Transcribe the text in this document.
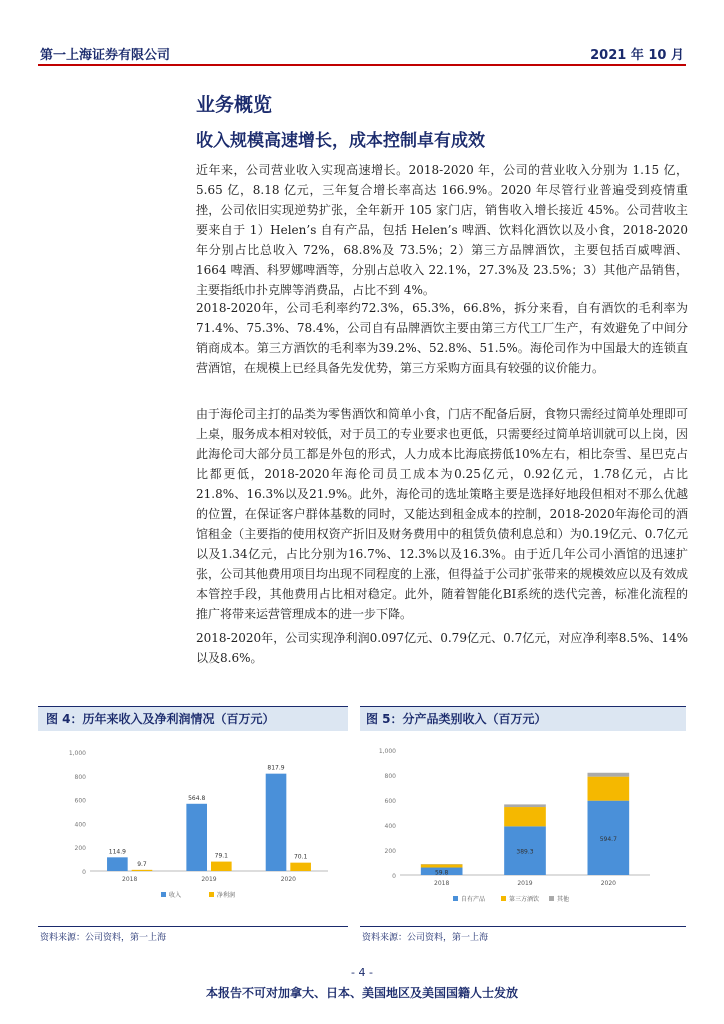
第一上海证券有限公司	2021 年 10 月
业务概览
收入规模高速增长，成本控制卓有成效
近年来，公司营业收入实现高速增长。2018-2020 年，公司的营业收入分别为 1.15 亿，5.65 亿，8.18 亿元，三年复合增长率高达 166.9%。2020 年尽管行业普遍受到疫情重挫，公司依旧实现逆势扩张，全年新开 105 家门店，销售收入增长接近 45%。公司营收主要来自于 1）Helen’s 自有产品，包括 Helen’s 啤酒、饮料化酒饮以及小食，2018-2020 年分别占比总收入 72%，68.8%及 73.5%；2）第三方品牌酒饮，主要包括百威啤酒、1664 啤酒、科罗娜啤酒等，分别占总收入 22.1%，27.3%及 23.5%；3）其他产品销售，主要指纸巾扑克牌等消费品，占比不到 4%。
2018-2020年，公司毛利率约72.3%，65.3%，66.8%，拆分来看，自有酒饮的毛利率为71.4%、75.3%、78.4%，公司自有品牌酒饮主要由第三方代工厂生产，有效避免了中间分销商成本。第三方酒饮的毛利率为39.2%、52.8%、51.5%。海伦司作为中国最大的连锁直营酒馆，在规模上已经具备先发优势，第三方采购方面具有较强的议价能力。
由于海伦司主打的品类为零售酒饮和简单小食，门店不配备后厨，食物只需经过简单处理即可上桌，服务成本相对较低，对于员工的专业要求也更低，只需要经过简单培训就可以上岗，因此海伦司大部分员工都是外包的形式，人力成本比海底捞低10%左右，相比奈雪、星巴克占比都更低，2018-2020年海伦司员工成本为0.25亿元，0.92亿元，1.78亿元，占比21.8%、16.3%以及21.9%。此外，海伦司的选址策略主要是选择好地段但相对不那么优越的位置，在保证客户群体基数的同时，又能达到租金成本的控制，2018-2020年海伦司的酒馆租金（主要指的使用权资产折旧及财务费用中的租赁负债利息总和）为0.19亿元、0.7亿元以及1.34亿元，占比分别为16.7%、12.3%以及16.3%。由于近几年公司小酒馆的迅速扩张，公司其他费用项目均出现不同程度的上涨，但得益于公司扩张带来的规模效应以及有效成本管控手段，其他费用占比相对稳定。此外，随着智能化BI系统的迭代完善，标准化流程的推广将带来运营管理成本的进一步下降。
2018-2020年，公司实现净利润0.097亿元、0.79亿元、0.7亿元，对应净利率8.5%、14%以及8.6%。
图 4：历年来收入及净利润情况（百万元）
1,000
800
600
400
200
0
2018
114.9
9.7
2019
564.8
79.1
2020
817.9
70.1
收入	净利润
资料来源：公司资料，第一上海
图 5：分产品类别收入（百万元）
1,000
800
600
400
200
0
2018
59.8
2019
389.3
2020
594.7
自有产品	第三方酒饮	其他
资料来源：公司资料，第一上海
- 4 -
本报告不可对加拿大、日本、美国地区及美国国籍人士发放
